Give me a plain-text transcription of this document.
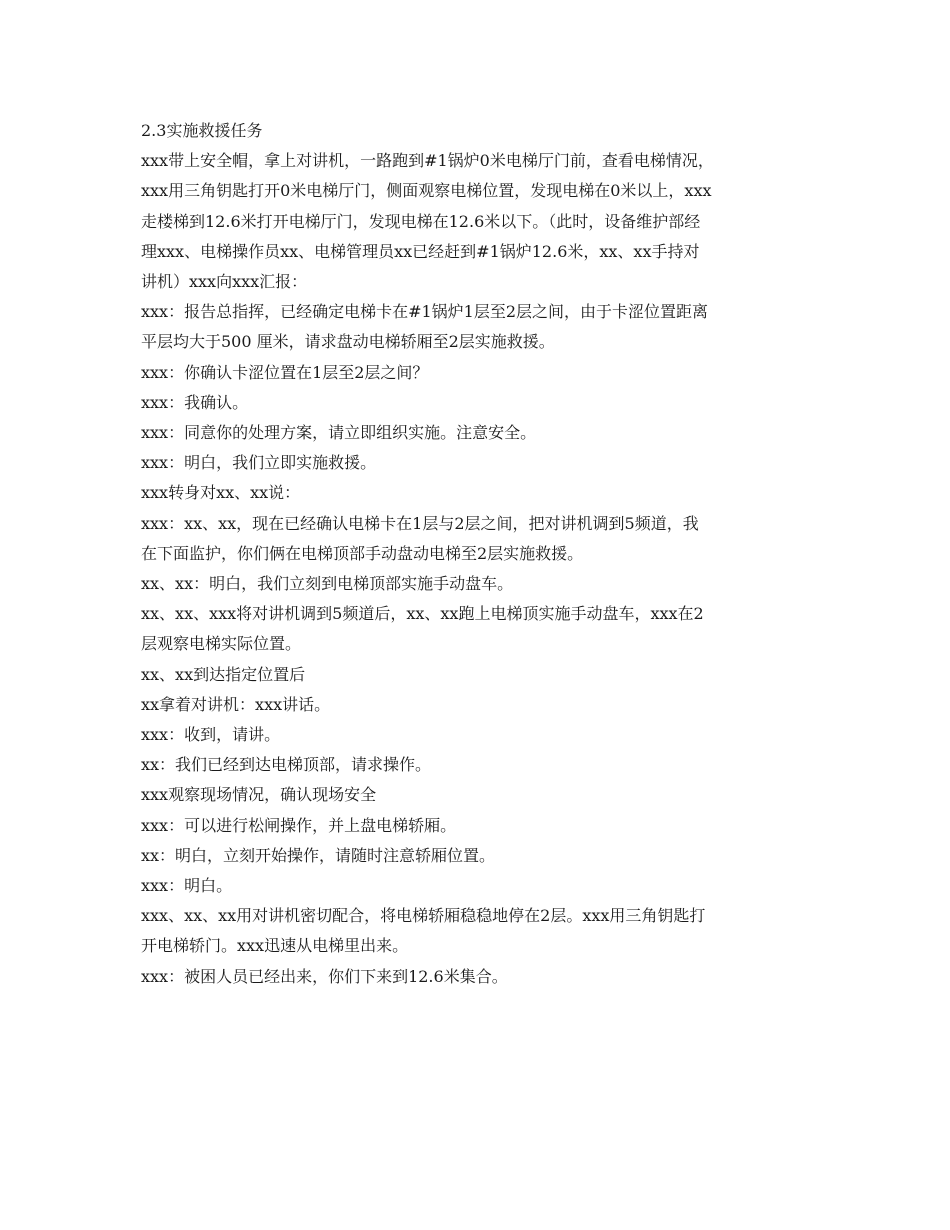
2.3实施救援任务

xxx带上安全帽，拿上对讲机，一路跑到#1锅炉0米电梯厅门前，查看电梯情况，

xxx用三角钥匙打开0米电梯厅门，侧面观察电梯位置，发现电梯在0米以上，xxx

走楼梯到12.6米打开电梯厅门，发现电梯在12.6米以下。（此时，设备维护部经

理xxx、电梯操作员xx、电梯管理员xx已经赶到#1锅炉12.6米，xx、xx手持对

讲机）xxx向xxx汇报：

xxx：报告总指挥，已经确定电梯卡在#1锅炉1层至2层之间，由于卡涩位置距离

平层均大于500 厘米，请求盘动电梯轿厢至2层实施救援。

xxx：你确认卡涩位置在1层至2层之间？

xxx：我确认。

xxx：同意你的处理方案，请立即组织实施。注意安全。

xxx：明白，我们立即实施救援。

xxx转身对xx、xx说：

xxx：xx、xx，现在已经确认电梯卡在1层与2层之间，把对讲机调到5频道，我

在下面监护，你们俩在电梯顶部手动盘动电梯至2层实施救援。

xx、xx：明白，我们立刻到电梯顶部实施手动盘车。

xx、xx、xxx将对讲机调到5频道后，xx、xx跑上电梯顶实施手动盘车，xxx在2

层观察电梯实际位置。

xx、xx到达指定位置后

xx拿着对讲机：xxx讲话。

xxx：收到，请讲。

xx：我们已经到达电梯顶部，请求操作。

xxx观察现场情况，确认现场安全

xxx：可以进行松闸操作，并上盘电梯轿厢。

xx：明白，立刻开始操作，请随时注意轿厢位置。

xxx：明白。

xxx、xx、xx用对讲机密切配合，将电梯轿厢稳稳地停在2层。xxx用三角钥匙打

开电梯轿门。xxx迅速从电梯里出来。

xxx：被困人员已经出来，你们下来到12.6米集合。
